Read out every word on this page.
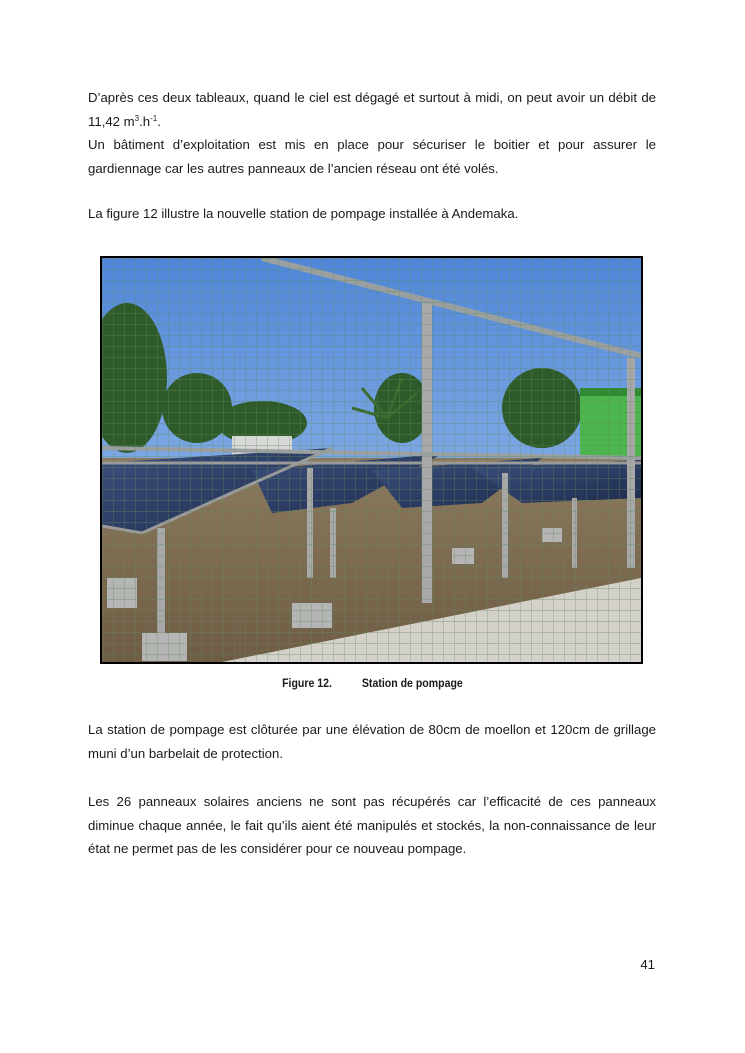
D’après ces deux tableaux, quand le ciel est dégagé et surtout à midi, on peut avoir un débit de 11,42 $m^3.h^{-1}$.
Un bâtiment d’exploitation est mis en place pour sécuriser le boitier et pour assurer le gardiennage car les autres panneaux de l’ancien réseau ont été volés.

La figure 12 illustre la nouvelle station de pompage installée à Andemaka.

Figure 12. Station de pompage

La station de pompage est clôturée par une élévation de 80cm de moellon et 120cm de grillage muni d’un barbelait de protection.

Les 26 panneaux solaires anciens ne sont pas récupérés car l’efficacité de ces panneaux diminue chaque année, le fait qu’ils aient été manipulés et stockés, la non-connaissance de leur état ne permet pas de les considérer pour ce nouveau pompage.

41
